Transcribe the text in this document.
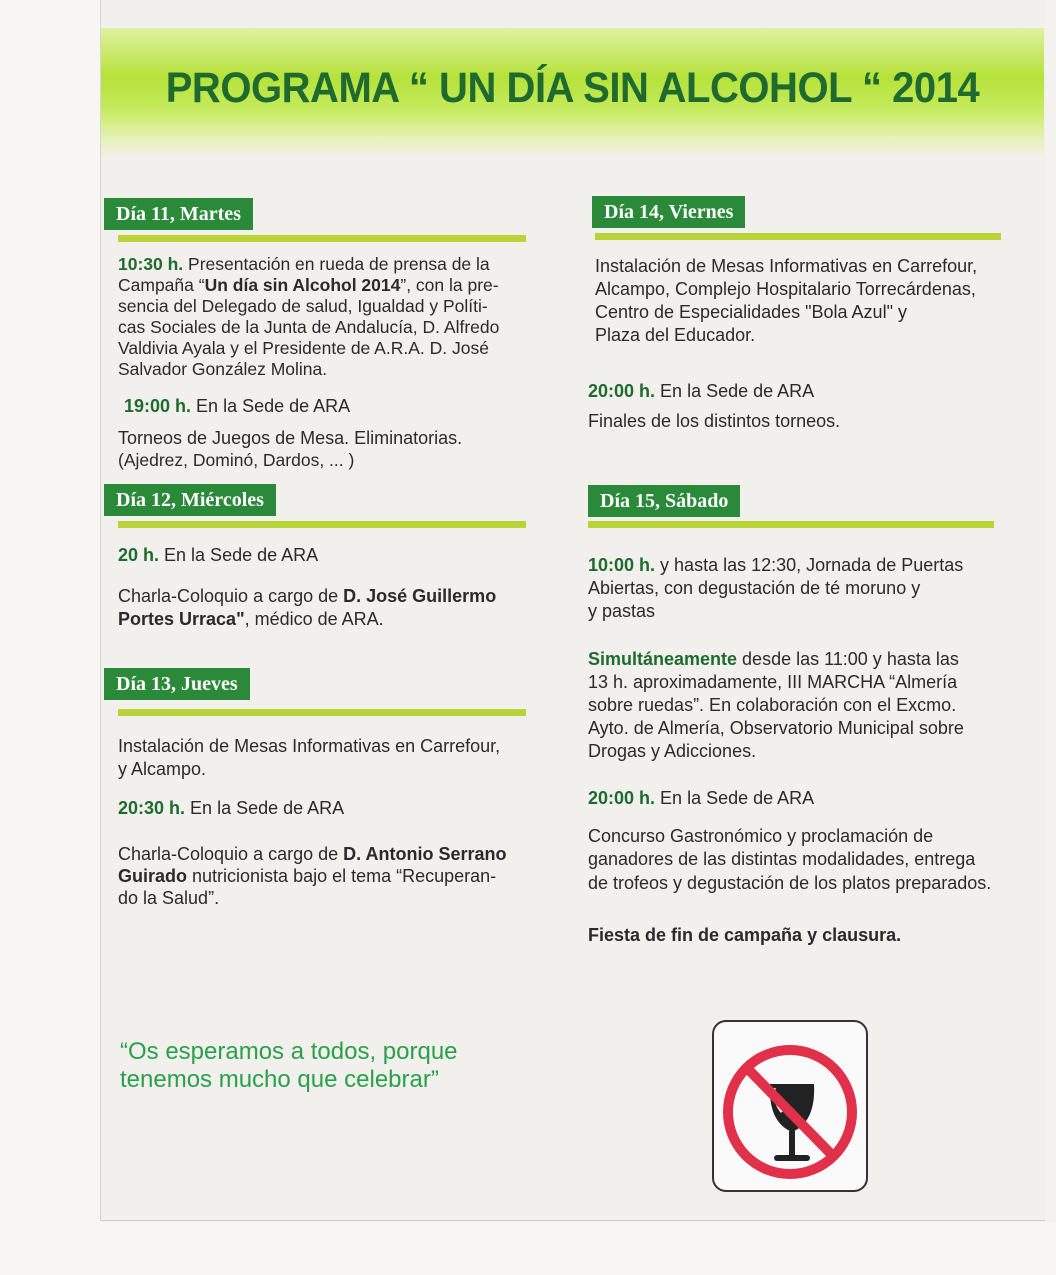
PROGRAMA “ UN DÍA SIN ALCOHOL “ 2014
Día 11, Martes
10:30 h. Presentación en rueda de prensa de la
Campaña “Un día sin Alcohol 2014”, con la pre-
sencia del Delegado de salud, Igualdad y Políti-
cas Sociales de la Junta de Andalucía, D. Alfredo
Valdivia Ayala y el Presidente de A.R.A. D. José
Salvador González Molina.
19:00 h. En la Sede de ARA
Torneos de Juegos de Mesa. Eliminatorias.
(Ajedrez, Dominó, Dardos, ... )
Día 12, Miércoles
20 h. En la Sede de ARA
Charla-Coloquio a cargo de D. José Guillermo
Portes Urraca", médico de ARA.
Día 13, Jueves
Instalación de Mesas Informativas en Carrefour,
y Alcampo.
20:30 h. En la Sede de ARA
Charla-Coloquio a cargo de D. Antonio Serrano
Guirado nutricionista bajo el tema “Recuperan-
do la Salud”.
Día 14, Viernes
Instalación de Mesas Informativas en Carrefour,
Alcampo, Complejo Hospitalario Torrecárdenas,
Centro de Especialidades "Bola Azul" y
Plaza del Educador.
20:00 h. En la Sede de ARA
Finales de los distintos torneos.
Día 15, Sábado
10:00 h. y hasta las 12:30, Jornada de Puertas
Abiertas, con degustación de té moruno y
y pastas
Simultáneamente desde las 11:00 y hasta las
13 h. aproximadamente, III MARCHA “Almería
sobre ruedas”. En colaboración con el Excmo.
Ayto. de Almería, Observatorio Municipal sobre
Drogas y Adicciones.
20:00 h. En la Sede de ARA
Concurso Gastronómico y proclamación de
ganadores de las distintas modalidades, entrega
de trofeos y degustación de los platos preparados.
Fiesta de fin de campaña y clausura.
“Os esperamos a todos, porque
tenemos mucho que celebrar”
